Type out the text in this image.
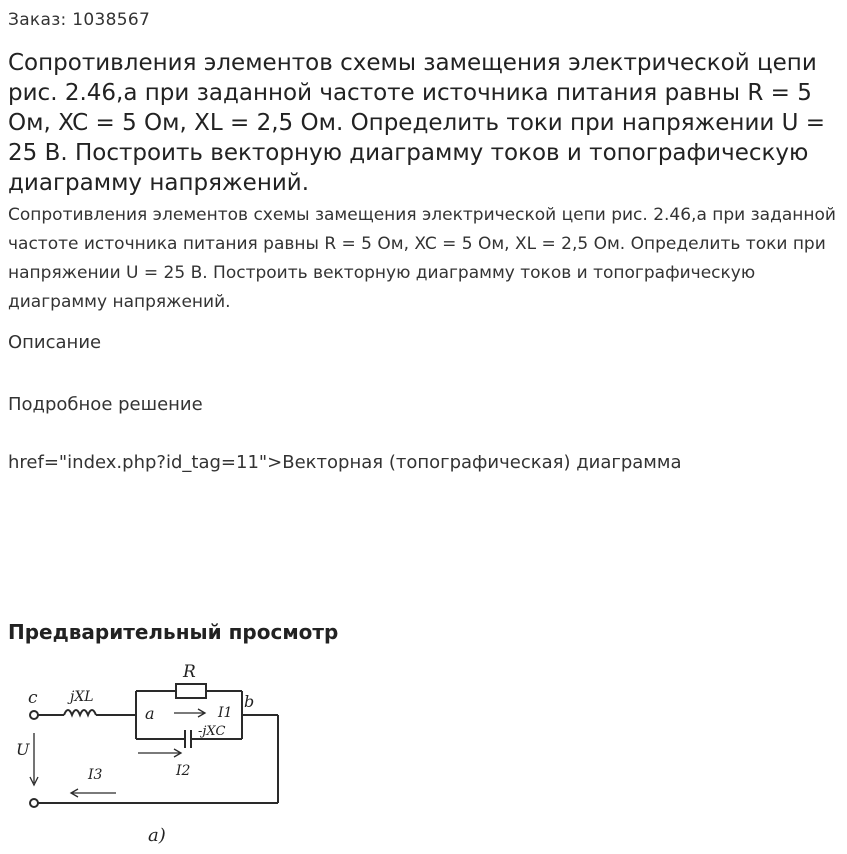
Заказ: 1038567
Сопротивления элементов схемы замещения электрической цепи рис. 2.46,а при заданной частоте источника питания равны R = 5 Ом, XC = 5 Ом, XL = 2,5 Ом. Определить токи при напряжении U = 25 В. Построить векторную диаграмму токов и топографическую диаграмму напряжений.

Сопротивления элементов схемы замещения электрической цепи рис. 2.46,а при заданной частоте источника питания равны R = 5 Ом, XC = 5 Ом, XL = 2,5 Ом. Определить токи при напряжении U = 25 В. Построить векторную диаграмму токов и топографическую диаграмму напряжений.

Описание
Подробное решение
href="index.php?id_tag=11">Векторная (топографическая) диаграмма
Предварительный просмотр
R
c jXL
a
b
I1
-jXC
I2
U
I3
а)
